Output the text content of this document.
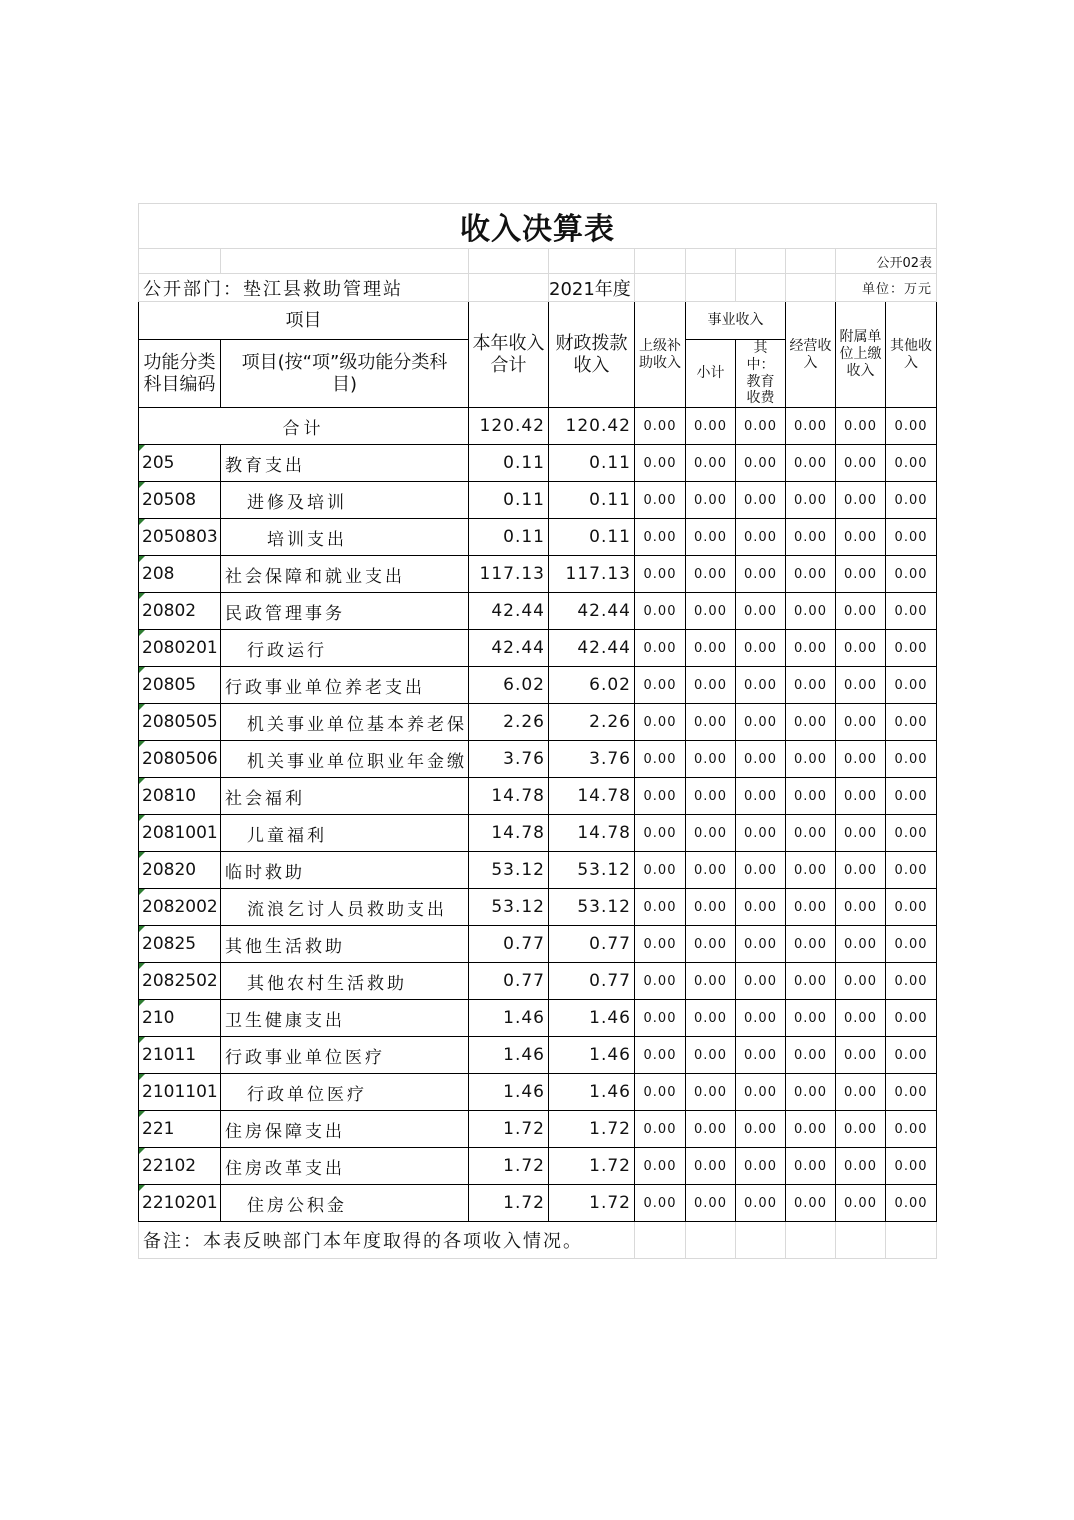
收入决算表									
								公开02表	
公开部门：垫江县救助管理站			2021年度					单位：万元	
项目		本年收入合计	财政拨款收入	上级补助收入	事业收入		经营收入	附属单位上缴收入	其他收入
功能分类科目编码	项目(按“项”级功能分类科目)				小计	其中：教育收费			

合计		120.42	120.42	0.00	0.00	0.00	0.00	0.00	0.00
205	教育支出	0.11	0.11	0.00	0.00	0.00	0.00	0.00	0.00
20508	进修及培训	0.11	0.11	0.00	0.00	0.00	0.00	0.00	0.00
2050803	培训支出	0.11	0.11	0.00	0.00	0.00	0.00	0.00	0.00
208	社会保障和就业支出	117.13	117.13	0.00	0.00	0.00	0.00	0.00	0.00
20802	民政管理事务	42.44	42.44	0.00	0.00	0.00	0.00	0.00	0.00
2080201	行政运行	42.44	42.44	0.00	0.00	0.00	0.00	0.00	0.00
20805	行政事业单位养老支出	6.02	6.02	0.00	0.00	0.00	0.00	0.00	0.00
2080505	机关事业单位基本养老保	2.26	2.26	0.00	0.00	0.00	0.00	0.00	0.00
2080506	机关事业单位职业年金缴	3.76	3.76	0.00	0.00	0.00	0.00	0.00	0.00
20810	社会福利	14.78	14.78	0.00	0.00	0.00	0.00	0.00	0.00
2081001	儿童福利	14.78	14.78	0.00	0.00	0.00	0.00	0.00	0.00
20820	临时救助	53.12	53.12	0.00	0.00	0.00	0.00	0.00	0.00
2082002	流浪乞讨人员救助支出	53.12	53.12	0.00	0.00	0.00	0.00	0.00	0.00
20825	其他生活救助	0.77	0.77	0.00	0.00	0.00	0.00	0.00	0.00
2082502	其他农村生活救助	0.77	0.77	0.00	0.00	0.00	0.00	0.00	0.00
210	卫生健康支出	1.46	1.46	0.00	0.00	0.00	0.00	0.00	0.00
21011	行政事业单位医疗	1.46	1.46	0.00	0.00	0.00	0.00	0.00	0.00
2101101	行政单位医疗	1.46	1.46	0.00	0.00	0.00	0.00	0.00	0.00
221	住房保障支出	1.72	1.72	0.00	0.00	0.00	0.00	0.00	0.00
22102	住房改革支出	1.72	1.72	0.00	0.00	0.00	0.00	0.00	0.00
2210201	住房公积金	1.72	1.72	0.00	0.00	0.00	0.00	0.00	0.00
备注：本表反映部门本年度取得的各项收入情况。									
